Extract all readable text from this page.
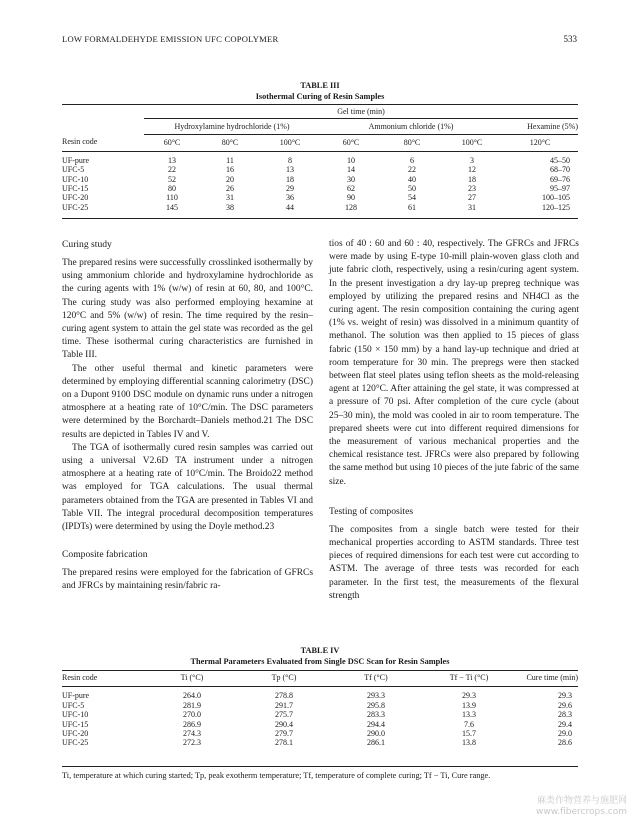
LOW FORMALDEHYDE EMISSION UFC COPOLYMER	533
TABLE III
Isothermal Curing of Resin Samples
	Gel time (min)						
	Hydroxylamine hydrochloride (1%)			Ammonium chloride (1%)			Hexamine (5%)
Resin code	60°C	80°C	100°C	60°C	80°C	100°C	120°C

UF-pure	13	11	8	10	6	3	45–50
UFC-5	22	16	13	14	22	12	68–70
UFC-10	52	20	18	30	40	18	69–76
UFC-15	80	26	29	62	50	23	95–97
UFC-20	110	31	36	90	54	27	100–105
UFC-25	145	38	44	128	61	31	120–125
Curing study

The prepared resins were successfully crosslinked isothermally by using ammonium chloride and hydroxylamine hydrochloride as the curing agents with 1% (w/w) of resin at 60, 80, and 100°C. The curing study was also performed employing hexamine at 120°C and 5% (w/w) of resin. The time required by the resin–curing agent system to attain the gel state was recorded as the gel time. These isothermal curing characteristics are furnished in Table III.

The other useful thermal and kinetic parameters were determined by employing differential scanning calorimetry (DSC) on a Dupont 9100 DSC module on dynamic runs under a nitrogen atmosphere at a heating rate of 10°C/min. The DSC parameters were determined by the Borchardt–Daniels method.21 The DSC results are depicted in Tables IV and V.

The TGA of isothermally cured resin samples was carried out using a universal V2.6D TA instrument under a nitrogen atmosphere at a heating rate of 10°C/min. The Broido22 method was employed for TGA calculations. The usual thermal parameters obtained from the TGA are presented in Tables VI and Table VII. The integral procedural decomposition temperatures (IPDTs) were determined by using the Doyle method.23

Composite fabrication

The prepared resins were employed for the fabrication of GFRCs and JFRCs by maintaining resin/fabric ra-

tios of 40 : 60 and 60 : 40, respectively. The GFRCs and JFRCs were made by using E-type 10-mill plain-woven glass cloth and jute fabric cloth, respectively, using a resin/curing agent system. In the present investigation a dry lay-up prepreg technique was employed by utilizing the prepared resins and NH4Cl as the curing agent. The resin composition containing the curing agent (1% vs. weight of resin) was dissolved in a minimum quantity of methanol. The solution was then applied to 15 pieces of glass fabric (150 × 150 mm) by a hand lay-up technique and dried at room temperature for 30 min. The prepregs were then stacked between flat steel plates using teflon sheets as the mold-releasing agent at 120°C. After attaining the gel state, it was compressed at a pressure of 70 psi. After completion of the cure cycle (about 25–30 min), the mold was cooled in air to room temperature. The prepared sheets were cut into different required dimensions for the measurement of various mechanical properties and the chemical resistance test. JFRCs were also prepared by following the same method but using 10 pieces of the jute fabric of the same size.

Testing of composites

The composites from a single batch were tested for their mechanical properties according to ASTM standards. Three test pieces of required dimensions for each test were cut according to ASTM. The average of three tests was recorded for each parameter. In the first test, the measurements of the flexural strength

TABLE IV
Thermal Parameters Evaluated from Single DSC Scan for Resin Samples
Resin code	Ti (°C)	Tp (°C)	Tf (°C)	Tf − Ti (°C)	Cure time (min)

UF-pure	264.0	278.8	293.3	29.3	29.3
UFC-5	281.9	291.7	295.8	13.9	29.6
UFC-10	270.0	275.7	283.3	13.3	28.3
UFC-15	286.9	290.4	294.4	7.6	29.4
UFC-20	274.3	279.7	290.0	15.7	29.0
UFC-25	272.3	278.1	286.1	13.8	28.6
Ti, temperature at which curing started; Tp, peak exotherm temperature; Tf, temperature of complete curing; Tf − Ti, Cure range.
麻类作物营养与施肥网
www.fibercrops.com
